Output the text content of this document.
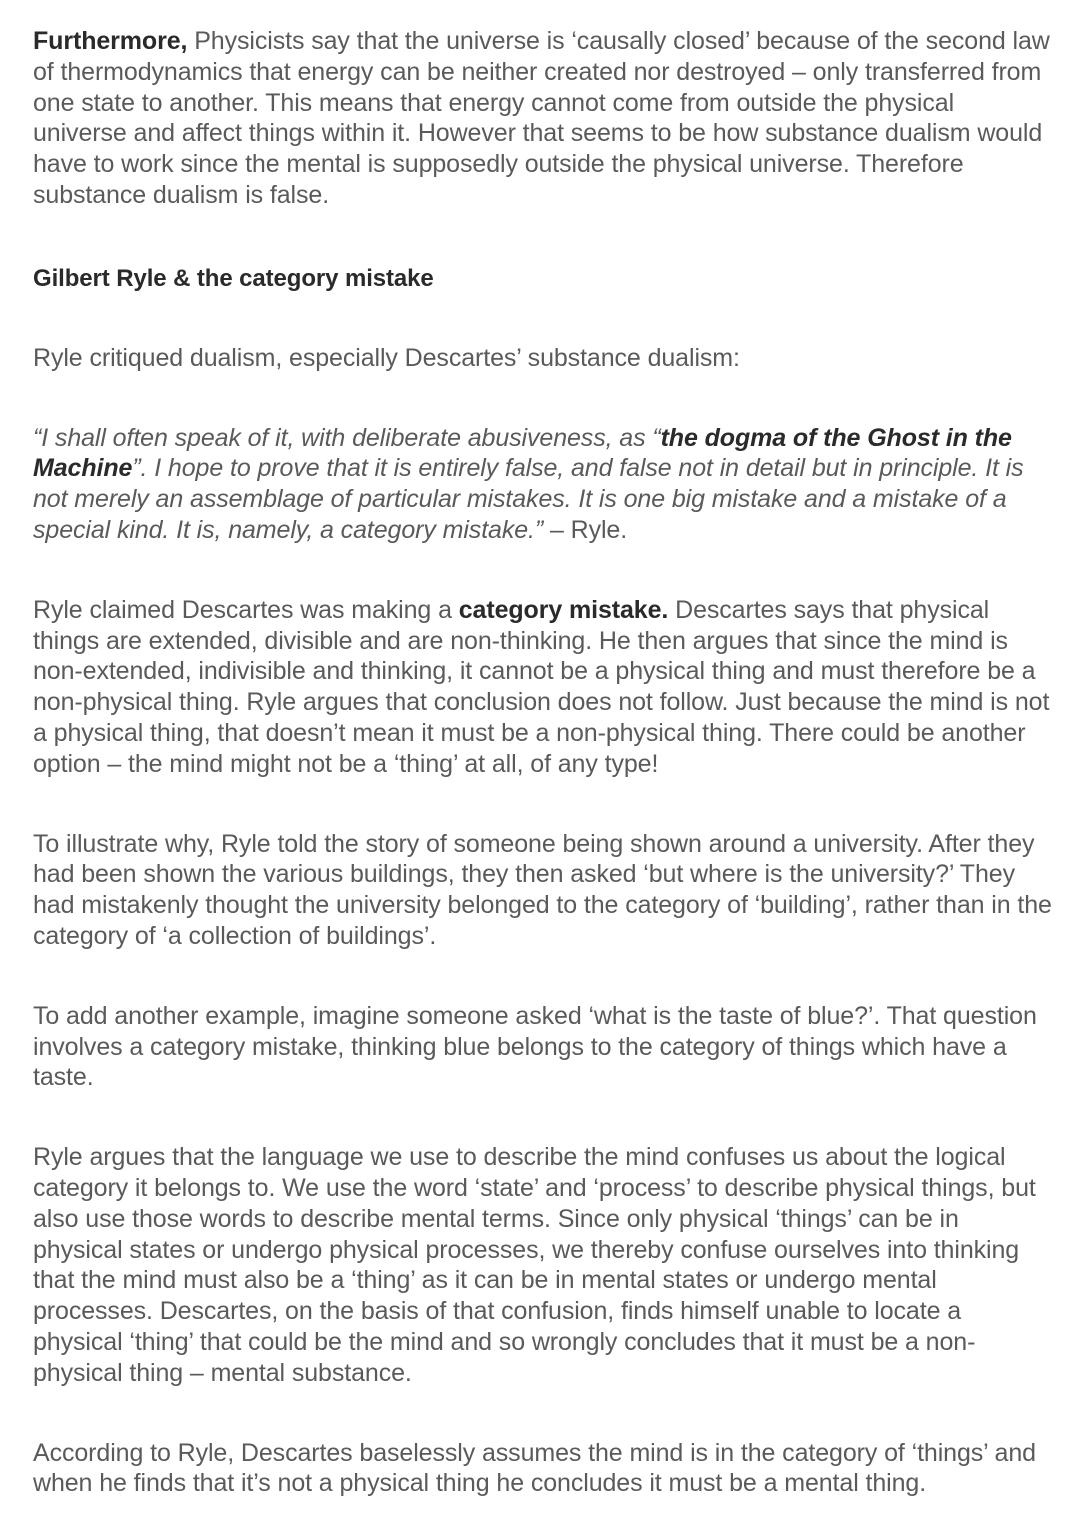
Furthermore, Physicists say that the universe is ‘causally closed’ because of the second law of thermodynamics that energy can be neither created nor destroyed – only transferred from one state to another. This means that energy cannot come from outside the physical universe and affect things within it. However that seems to be how substance dualism would have to work since the mental is supposedly outside the physical universe. Therefore substance dualism is false.

Gilbert Ryle & the category mistake

Ryle critiqued dualism, especially Descartes’ substance dualism:

“I shall often speak of it, with deliberate abusiveness, as “the dogma of the Ghost in the Machine”. I hope to prove that it is entirely false, and false not in detail but in principle. It is not merely an assemblage of particular mistakes. It is one big mistake and a mistake of a special kind. It is, namely, a category mistake.” – Ryle.

Ryle claimed Descartes was making a category mistake. Descartes says that physical things are extended, divisible and are non-thinking. He then argues that since the mind is non-extended, indivisible and thinking, it cannot be a physical thing and must therefore be a non-physical thing. Ryle argues that conclusion does not follow. Just because the mind is not a physical thing, that doesn’t mean it must be a non-physical thing. There could be another option – the mind might not be a ‘thing’ at all, of any type!

To illustrate why, Ryle told the story of someone being shown around a university. After they had been shown the various buildings, they then asked ‘but where is the university?’ They had mistakenly thought the university belonged to the category of ‘building’, rather than in the category of ‘a collection of buildings’.

To add another example, imagine someone asked ‘what is the taste of blue?’. That question involves a category mistake, thinking blue belongs to the category of things which have a taste.

Ryle argues that the language we use to describe the mind confuses us about the logical category it belongs to. We use the word ‘state’ and ‘process’ to describe physical things, but also use those words to describe mental terms. Since only physical ‘things’ can be in physical states or undergo physical processes, we thereby confuse ourselves into thinking that the mind must also be a ‘thing’ as it can be in mental states or undergo mental processes. Descartes, on the basis of that confusion, finds himself unable to locate a physical ‘thing’ that could be the mind and so wrongly concludes that it must be a non-physical thing – mental substance.

According to Ryle, Descartes baselessly assumes the mind is in the category of ‘things’ and when he finds that it’s not a physical thing he concludes it must be a mental thing.
